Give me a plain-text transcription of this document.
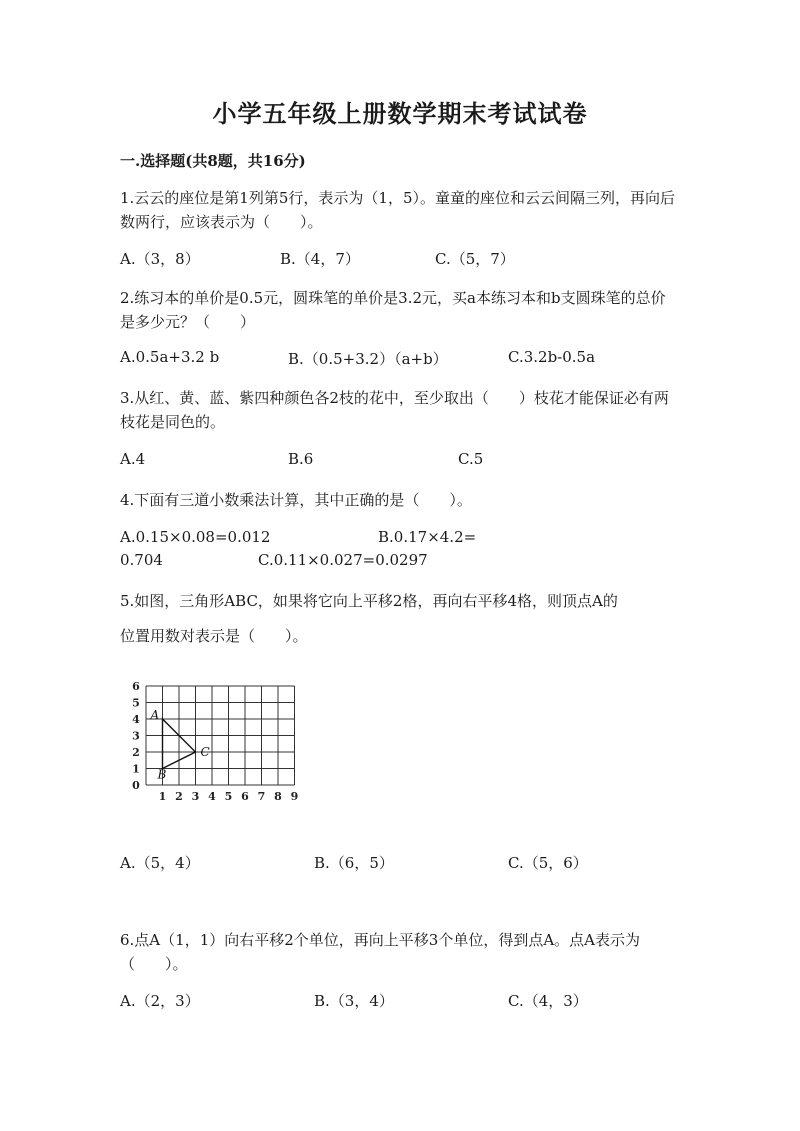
小学五年级上册数学期末考试试卷
一.选择题(共8题，共16分)
1.云云的座位是第1列第5行，表示为（1，5）。童童的座位和云云间隔三列，再向后数两行，应该表示为（　　）。
A.（3，8）	B.（4，7）	C.（5，7）
2.练习本的单价是0.5元，圆珠笔的单价是3.2元，买a本练习本和b支圆珠笔的总价是多少元？（　　）
A.0.5a+3.2 b	B.（0.5+3.2）（a+b）	C.3.2b-0.5a
3.从红、黄、蓝、紫四种颜色各2枝的花中，至少取出（　　）枝花才能保证必有两枝花是同色的。
A.4	B.6	C.5
4.下面有三道小数乘法计算，其中正确的是（　　）。
A.0.15×0.08=0.012	B.0.17×4.2=
0.704	C.0.11×0.027=0.0297
5.如图，三角形ABC，如果将它向上平移2格，再向右平移4格，则顶点A的
位置用数对表示是（　　）。
0
1
2
3
4
5
6
1 2 3 4 5 6 7 8 9
A
B
C
A.（5，4）	B.（6，5）	C.（5，6）
6.点A（1，1）向右平移2个单位，再向上平移3个单位，得到点A。点A表示为（　　）。
A.（2，3）	B.（3，4）	C.（4，3）
